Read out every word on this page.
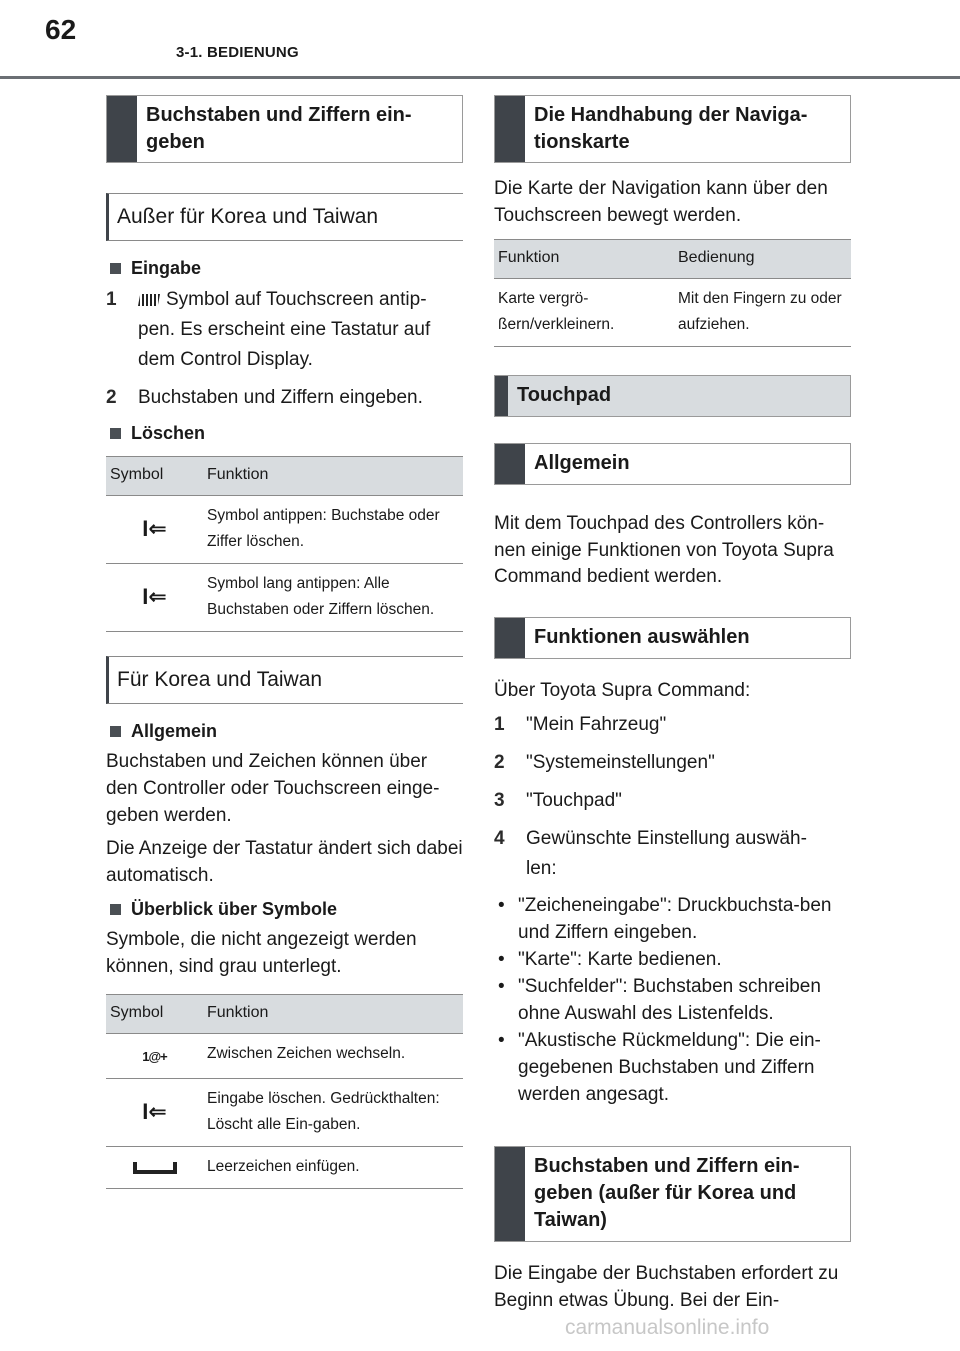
62
3-1. BEDIENUNG
Buchstaben und Ziffern ein-geben
Außer für Korea und Taiwan
Eingabe
1	Symbol auf Touchscreen antip-pen. Es erscheint eine Tastatur auf dem Control Display.
2	Buchstaben und Ziffern eingeben.
Löschen
Symbol	Funktion
I⇐	Symbol antippen: Buchstabe oder Ziffer löschen.
I⇐	Symbol lang antippen: Alle Buchstaben oder Ziffern löschen.
Für Korea und Taiwan
Allgemein
Buchstaben und Zeichen können über den Controller oder Touchscreen einge-geben werden.
Die Anzeige der Tastatur ändert sich dabei automatisch.
Überblick über Symbole
Symbole, die nicht angezeigt werden können, sind grau unterlegt.
Symbol	Funktion
1@+	Zwischen Zeichen wechseln.
I⇐	Eingabe löschen. Gedrückthalten: Löscht alle Ein-gaben.
	Leerzeichen einfügen.
Die Handhabung der Naviga-tionskarte
Die Karte der Navigation kann über den Touchscreen bewegt werden.
Funktion	Bedienung
Karte vergrö-ßern/verkleinern.	Mit den Fingern zu oder aufziehen.
Touchpad
Allgemein
Mit dem Touchpad des Controllers kön-nen einige Funktionen von Toyota Supra Command bedient werden.
Funktionen auswählen
Über Toyota Supra Command:
1	"Mein Fahrzeug"
2	"Systemeinstellungen"
3	"Touchpad"
4	Gewünschte Einstellung auswäh-len:
• "Zeicheneingabe": Druckbuchsta-ben und Ziffern eingeben.
• "Karte": Karte bedienen.
• "Suchfelder": Buchstaben schreiben ohne Auswahl des Listenfelds.
• "Akustische Rückmeldung": Die ein-gegebenen Buchstaben und Ziffern werden angesagt.
Buchstaben und Ziffern ein-geben (außer für Korea und Taiwan)
Die Eingabe der Buchstaben erfordert zu Beginn etwas Übung. Bei der Ein-
carmanualsonline.info
